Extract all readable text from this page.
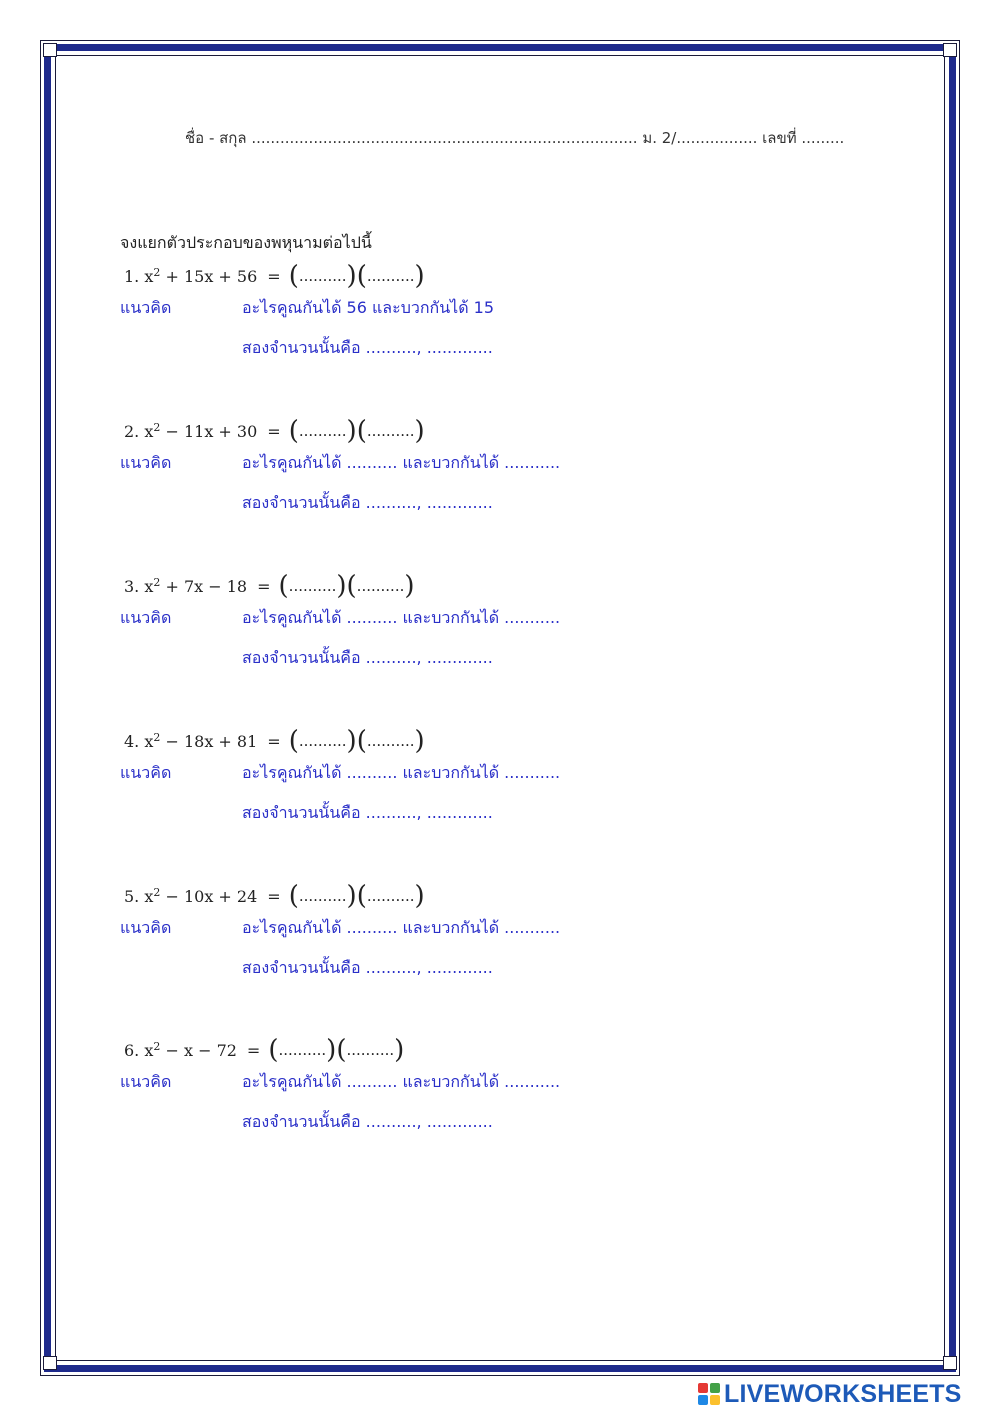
ชื่อ - สกุล ................................................................................. ม. 2/................. เลขที่ .........
จงแยกตัวประกอบของพหุนามต่อไปนี้
1. $x^2$
+ 15x + 56 = ( .......... ) ( .......... )
แนวคิด	อะไรคูณกันได้ 56 และบวกกันได้ 15
สองจำนวนนั้นคือ .........., .............
2. $x^2$
− 11x + 30 = ( .......... ) ( .......... )
แนวคิด	อะไรคูณกันได้ .......... และบวกกันได้ ...........
สองจำนวนนั้นคือ .........., .............
3. $x^2$
+ 7x − 18 = ( .......... ) ( .......... )
แนวคิด	อะไรคูณกันได้ .......... และบวกกันได้ ...........
สองจำนวนนั้นคือ .........., .............
4. $x^2$
− 18x + 81 = ( .......... ) ( .......... )
แนวคิด	อะไรคูณกันได้ .......... และบวกกันได้ ...........
สองจำนวนนั้นคือ .........., .............
5. $x^2$
− 10x + 24 = ( .......... ) ( .......... )
แนวคิด	อะไรคูณกันได้ .......... และบวกกันได้ ...........
สองจำนวนนั้นคือ .........., .............
6. $x^2$
− x − 72 = ( .......... ) ( .......... )
แนวคิด	อะไรคูณกันได้ .......... และบวกกันได้ ...........
สองจำนวนนั้นคือ .........., .............
LIVEWORKSHEETS
